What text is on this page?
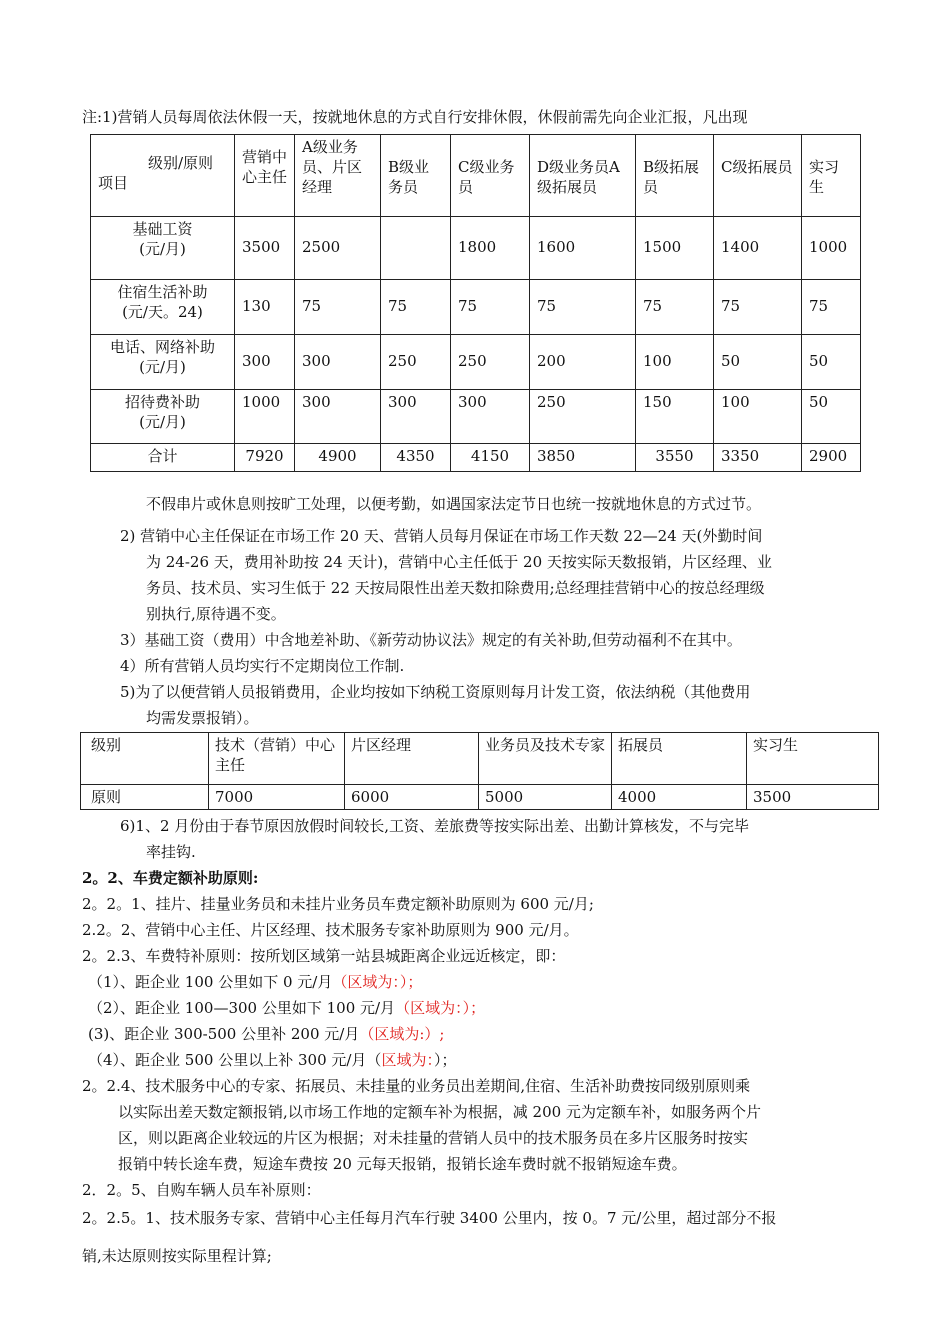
注:1)营销人员每周依法休假一天，按就地休息的方式自行安排休假，休假前需先向企业汇报，凡出现
级别/原则
项目	营销中心主任	A级业务员、片区经理	B级业务员	C级业务员	D级业务员A级拓展员	B级拓展员	C级拓展员	实习生

基础工资
(元/月)	3500	2500		1800	1600	1500	1400	1000

住宿生活补助
(元/天。24)	130	75	75	75	75	75	75	75

电话、网络补助
(元/月)	300	300	250	250	200	100	50	50

招待费补助
(元/月)	1000	300	300	300	250	150	100	50
合计	7920	4900	4350	4150	3850	3550	3350	2900
不假串片或休息则按旷工处理，以便考勤，如遇国家法定节日也统一按就地休息的方式过节。
2) 营销中心主任保证在市场工作 20 天、营销人员每月保证在市场工作天数 22—24 天(外勤时间
为 24-26 天，费用补助按 24 天计)，营销中心主任低于 20 天按实际天数报销，片区经理、业
务员、技术员、实习生低于 22 天按局限性出差天数扣除费用;总经理挂营销中心的按总经理级
别执行,原待遇不变。
3）基础工资（费用）中含地差补助、《新劳动协议法》规定的有关补助,但劳动福利不在其中。
4）所有营销人员均实行不定期岗位工作制.
5)为了以便营销人员报销费用，企业均按如下纳税工资原则每月计发工资，依法纳税（其他费用
均需发票报销）。
级别	技术（营销）中心主任	片区经理	业务员及技术专家	拓展员	实习生
原则	7000	6000	5000	4000	3500
6)1、2 月份由于春节原因放假时间较长,工资、差旅费等按实际出差、出勤计算核发，不与完毕
率挂钩.
2。2、车费定额补助原则:
2。2。1、挂片、挂量业务员和未挂片业务员车费定额补助原则为 600 元/月;
2.2。2、营销中心主任、片区经理、技术服务专家补助原则为 900 元/月。
2。2.3、车费特补原则：按所划区域第一站县城距离企业远近核定，即：
（1）、距企业 100 公里如下 0 元/月（区域为：）；
（2）、距企业 100—300 公里如下 100 元/月（区域为：）；
(3)、距企业 300-500 公里补 200 元/月（区域为:）;
（4）、距企业 500 公里以上补 300 元/月（区域为：）；
2。2.4、技术服务中心的专家、拓展员、未挂量的业务员出差期间,住宿、生活补助费按同级别原则乘
以实际出差天数定额报销,以市场工作地的定额车补为根据，减 200 元为定额车补，如服务两个片
区，则以距离企业较远的片区为根据；对未挂量的营销人员中的技术服务员在多片区服务时按实
报销中转长途车费，短途车费按 20 元每天报销，报销长途车费时就不报销短途车费。
2．2。5、自购车辆人员车补原则：
2。2.5。1、技术服务专家、营销中心主任每月汽车行驶 3400 公里内，按 0。7 元/公里，超过部分不报
销,未达原则按实际里程计算;
